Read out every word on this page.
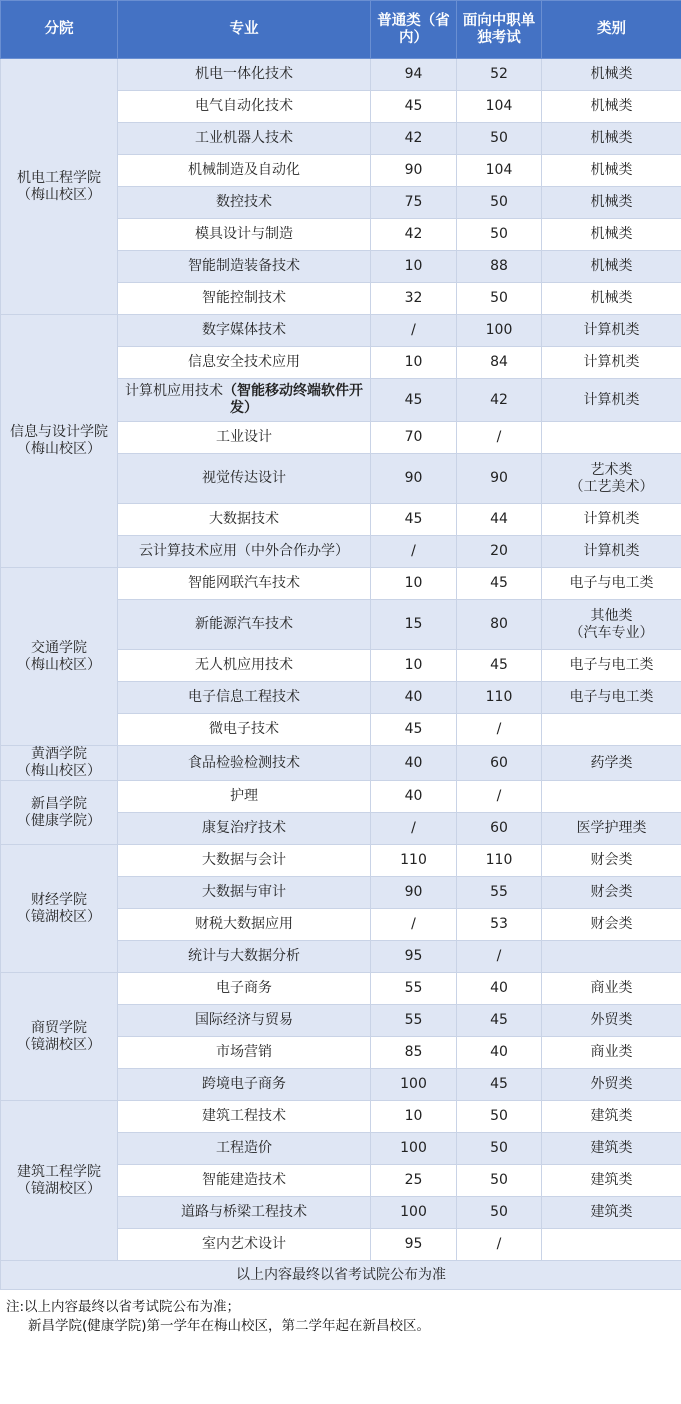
分院	专业	普通类（省内）	面向中职单独考试	类别

机电工程学院
（梅山校区）	机电一体化技术	94	52	机械类

	电气自动化技术	45	104	机械类

	工业机器人技术	42	50	机械类

	机械制造及自动化	90	104	机械类

	数控技术	75	50	机械类

	模具设计与制造	42	50	机械类

	智能制造装备技术	10	88	机械类

	智能控制技术	32	50	机械类

信息与设计学院
（梅山校区）	数字媒体技术	/	100	计算机类

	信息安全技术应用	10	84	计算机类

	计算机应用技术（智能移动终端软件开发）	45	42	计算机类

	工业设计	70	/	

	视觉传达设计	90	90	艺术类
（工艺美术）

	大数据技术	45	44	计算机类

	云计算技术应用（中外合作办学）	/	20	计算机类

交通学院
（梅山校区）	智能网联汽车技术	10	45	电子与电工类

	新能源汽车技术	15	80	其他类
（汽车专业）

	无人机应用技术	10	45	电子与电工类

	电子信息工程技术	40	110	电子与电工类

	微电子技术	45	/	

黄酒学院
（梅山校区）	食品检验检测技术	40	60	药学类

新昌学院
（健康学院）	护理	40	/	

	康复治疗技术	/	60	医学护理类

财经学院
（镜湖校区）	大数据与会计	110	110	财会类

	大数据与审计	90	55	财会类

	财税大数据应用	/	53	财会类

	统计与大数据分析	95	/	

商贸学院
（镜湖校区）	电子商务	55	40	商业类

	国际经济与贸易	55	45	外贸类

	市场营销	85	40	商业类

	跨境电子商务	100	45	外贸类

建筑工程学院
（镜湖校区）	建筑工程技术	10	50	建筑类

	工程造价	100	50	建筑类

	智能建造技术	25	50	建筑类

	道路与桥梁工程技术	100	50	建筑类

	室内艺术设计	95	/	

以上内容最终以省考试院公布为准				
注:以上内容最终以省考试院公布为准；
新昌学院(健康学院)第一学年在梅山校区，第二学年起在新昌校区。
